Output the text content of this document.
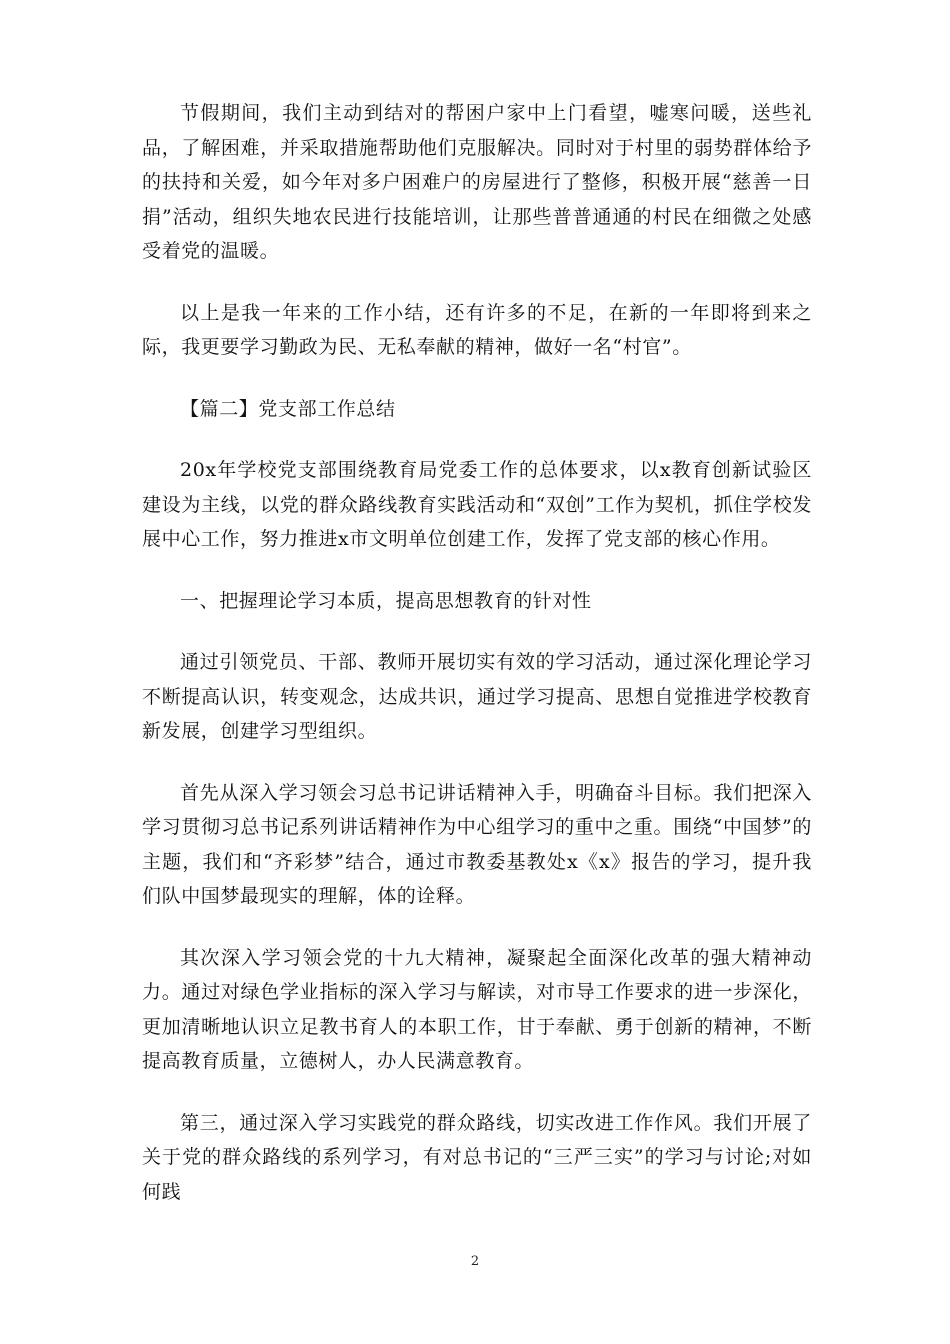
节假期间，我们主动到结对的帮困户家中上门看望，嘘寒问暖，送些礼品，了解困难，并采取措施帮助他们克服解决。同时对于村里的弱势群体给予的扶持和关爱，如今年对多户困难户的房屋进行了整修，积极开展“慈善一日捐”活动，组织失地农民进行技能培训，让那些普普通通的村民在细微之处感受着党的温暖。

以上是我一年来的工作小结，还有许多的不足，在新的一年即将到来之际，我更要学习勤政为民、无私奉献的精神，做好一名“村官”。

【篇二】党支部工作总结

20x年学校党支部围绕教育局党委工作的总体要求，以x教育创新试验区建设为主线，以党的群众路线教育实践活动和“双创”工作为契机，抓住学校发展中心工作，努力推进x市文明单位创建工作，发挥了党支部的核心作用。

一、把握理论学习本质，提高思想教育的针对性

通过引领党员、干部、教师开展切实有效的学习活动，通过深化理论学习不断提高认识，转变观念，达成共识，通过学习提高、思想自觉推进学校教育新发展，创建学习型组织。

首先从深入学习领会习总书记讲话精神入手，明确奋斗目标。我们把深入学习贯彻习总书记系列讲话精神作为中心组学习的重中之重。围绕“中国梦”的主题，我们和“齐彩梦”结合，通过市教委基教处x《x》报告的学习，提升我们队中国梦最现实的理解，体的诠释。

其次深入学习领会党的十九大精神，凝聚起全面深化改革的强大精神动力。通过对绿色学业指标的深入学习与解读，对市导工作要求的进一步深化，更加清晰地认识立足教书育人的本职工作，甘于奉献、勇于创新的精神，不断提高教育质量，立德树人，办人民满意教育。

第三，通过深入学习实践党的群众路线，切实改进工作作风。我们开展了关于党的群众路线的系列学习，有对总书记的“三严三实”的学习与讨论;对如何践

2
